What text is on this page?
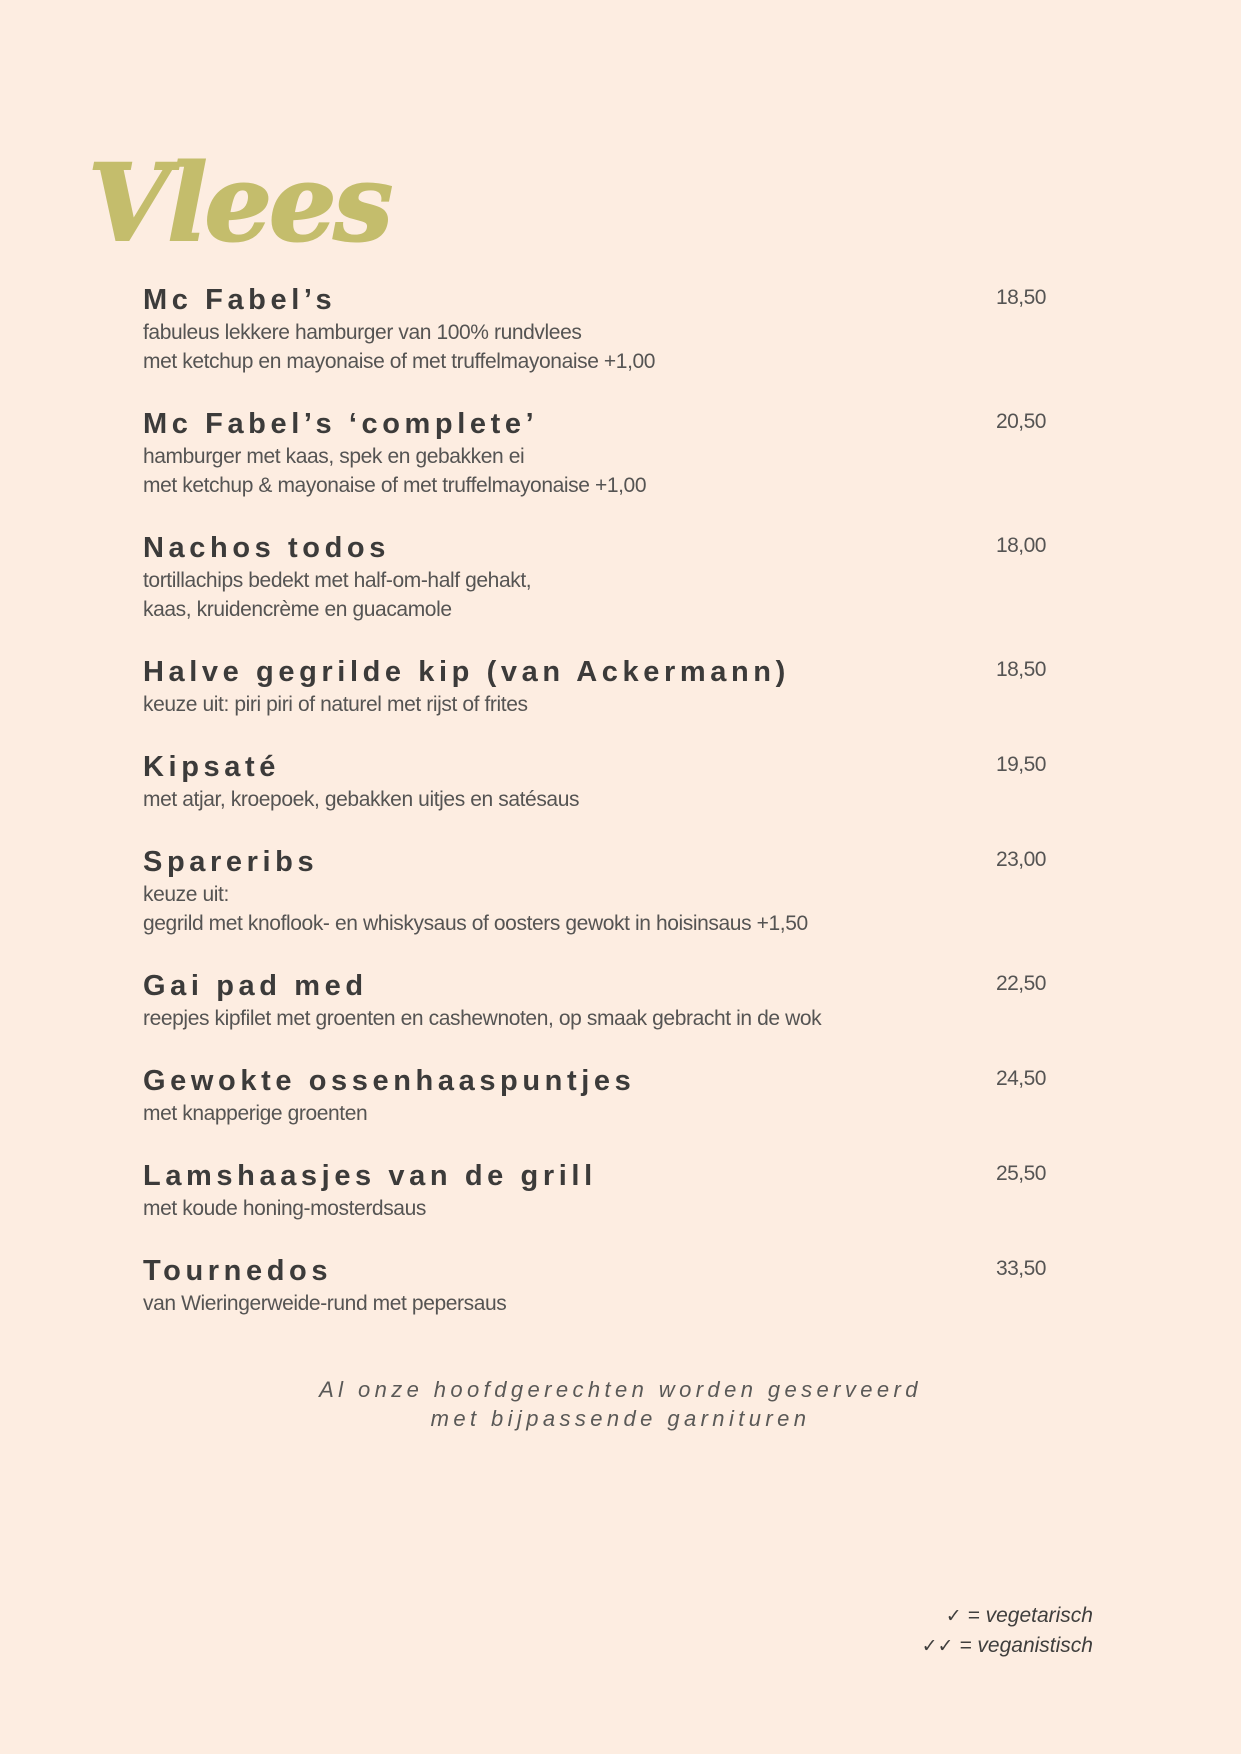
Vlees
Mc Fabel’s	18,50
fabuleus lekkere hamburger van 100% rundvlees
met ketchup en mayonaise of met truffelmayonaise +1,00
Mc Fabel’s ‘complete’	20,50
hamburger met kaas, spek en gebakken ei
met ketchup & mayonaise of met truffelmayonaise +1,00
Nachos todos	18,00
tortillachips bedekt met half-om-half gehakt,
kaas, kruidencrème en guacamole
Halve gegrilde kip (van Ackermann)	18,50
keuze uit: piri piri of naturel met rijst of frites
Kipsaté	19,50
met atjar, kroepoek, gebakken uitjes en satésaus
Spareribs	23,00
keuze uit:
gegrild met knoflook- en whiskysaus of oosters gewokt in hoisinsaus +1,50
Gai pad med	22,50
reepjes kipfilet met groenten en cashewnoten, op smaak gebracht in de wok
Gewokte ossenhaaspuntjes	24,50
met knapperige groenten
Lamshaasjes van de grill	25,50
met koude honing-mosterdsaus
Tournedos	33,50
van Wieringerweide-rund met pepersaus
Al onze hoofdgerechten worden geserveerd
met bijpassende garnituren
✓ = vegetarisch
✓✓ = veganistisch
